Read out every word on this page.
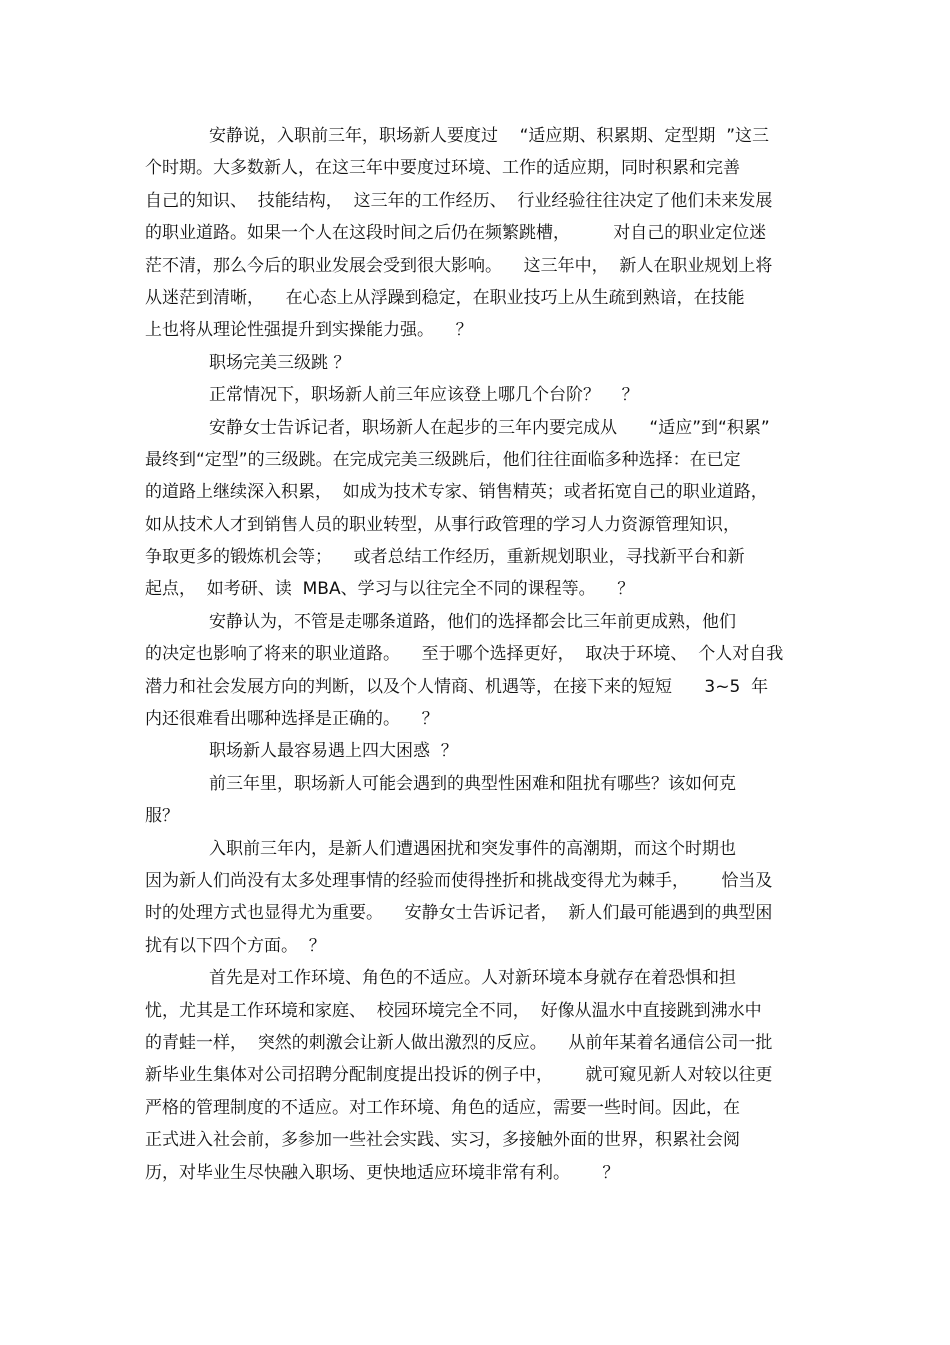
安静说，入职前三年，职场新人要度过    “适应期、积累期、定型期  ”这三
个时期。大多数新人，在这三年中要度过环境、工作的适应期，同时积累和完善
自己的知识、  技能结构，  这三年的工作经历、  行业经验往往决定了他们未来发展
的职业道路。如果一个人在这段时间之后仍在频繁跳槽，        对自己的职业定位迷
茫不清，那么今后的职业发展会受到很大影响。    这三年中，  新人在职业规划上将
从迷茫到清晰，    在心态上从浮躁到稳定，在职业技巧上从生疏到熟谙，在技能
上也将从理论性强提升到实操能力强。    ？
职场完美三级跳 ？
正常情况下，职场新人前三年应该登上哪几个台阶？    ？
安静女士告诉记者，职场新人在起步的三年内要完成从      “适应”到“积累”
最终到“定型”的三级跳。在完成完美三级跳后，他们往往面临多种选择：在已定
的道路上继续深入积累，  如成为技术专家、销售精英；或者拓宽自己的职业道路，
如从技术人才到销售人员的职业转型，从事行政管理的学习人力资源管理知识，
争取更多的锻炼机会等；    或者总结工作经历，重新规划职业，寻找新平台和新
起点，  如考研、读  MBA、学习与以往完全不同的课程等。    ？
安静认为，不管是走哪条道路，他们的选择都会比三年前更成熟，他们
的决定也影响了将来的职业道路。    至于哪个选择更好，  取决于环境、  个人对自我
潜力和社会发展方向的判断，以及个人情商、机遇等，在接下来的短短      3~5  年
内还很难看出哪种选择是正确的。    ？
职场新人最容易遇上四大困惑  ？
前三年里，职场新人可能会遇到的典型性困难和阻扰有哪些？该如何克
服？
入职前三年内，是新人们遭遇困扰和突发事件的高潮期，而这个时期也
因为新人们尚没有太多处理事情的经验而使得挫折和挑战变得尤为棘手，      恰当及
时的处理方式也显得尤为重要。    安静女士告诉记者，  新人们最可能遇到的典型困
扰有以下四个方面。  ？
首先是对工作环境、角色的不适应。人对新环境本身就存在着恐惧和担
忧，尤其是工作环境和家庭、  校园环境完全不同，  好像从温水中直接跳到沸水中
的青蛙一样，  突然的刺激会让新人做出激烈的反应。    从前年某着名通信公司一批
新毕业生集体对公司招聘分配制度提出投诉的例子中，      就可窥见新人对较以往更
严格的管理制度的不适应。对工作环境、角色的适应，需要一些时间。因此，在
正式进入社会前，多参加一些社会实践、实习，多接触外面的世界，积累社会阅
历，对毕业生尽快融入职场、更快地适应环境非常有利。      ？
